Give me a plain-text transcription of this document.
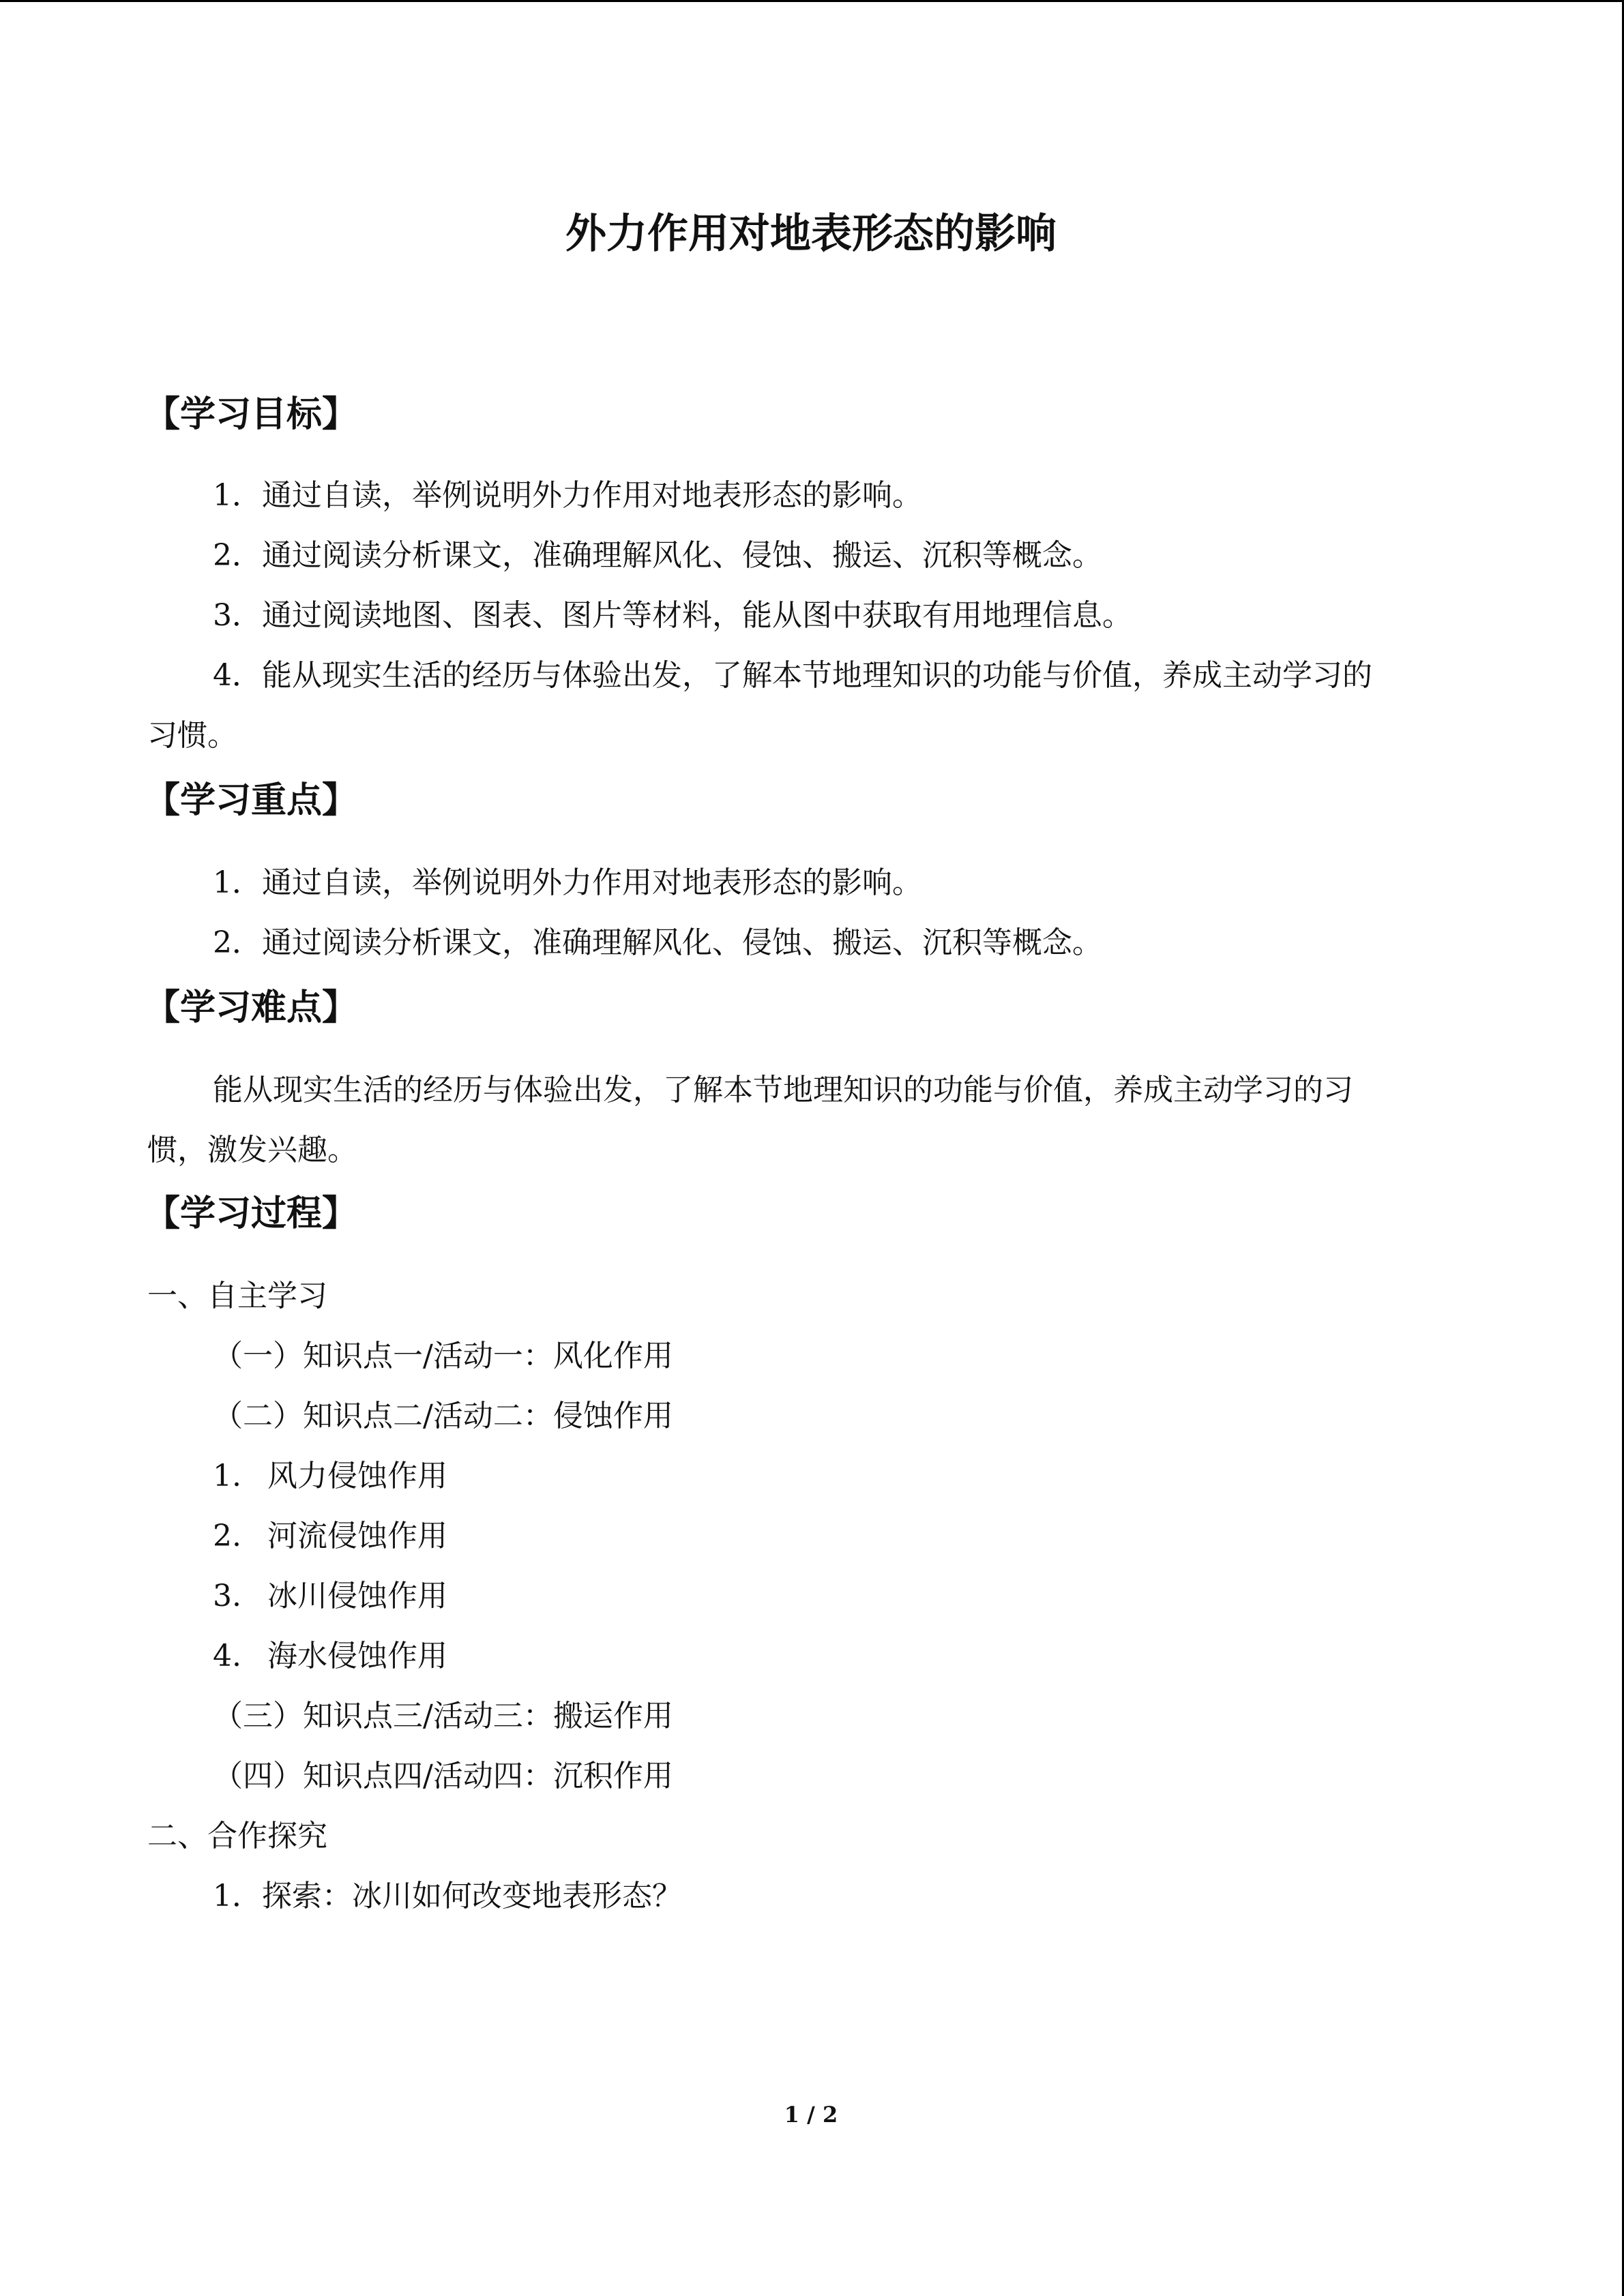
外力作用对地表形态的影响
【学习目标】

1．通过自读，举例说明外力作用对地表形态的影响。

2．通过阅读分析课文，准确理解风化、侵蚀、搬运、沉积等概念。

3．通过阅读地图、图表、图片等材料，能从图中获取有用地理信息。

4．能从现实生活的经历与体验出发，了解本节地理知识的功能与价值，养成主动学习的

习惯。

【学习重点】

1．通过自读，举例说明外力作用对地表形态的影响。

2．通过阅读分析课文，准确理解风化、侵蚀、搬运、沉积等概念。

【学习难点】

能从现实生活的经历与体验出发，了解本节地理知识的功能与价值，养成主动学习的习

惯，激发兴趣。

【学习过程】

一、自主学习

（一）知识点一/活动一：风化作用

（二）知识点二/活动二：侵蚀作用

1. 风力侵蚀作用

2. 河流侵蚀作用

3. 冰川侵蚀作用

4. 海水侵蚀作用

（三）知识点三/活动三：搬运作用

（四）知识点四/活动四：沉积作用

二、合作探究

1．探索：冰川如何改变地表形态？

1 / 2
